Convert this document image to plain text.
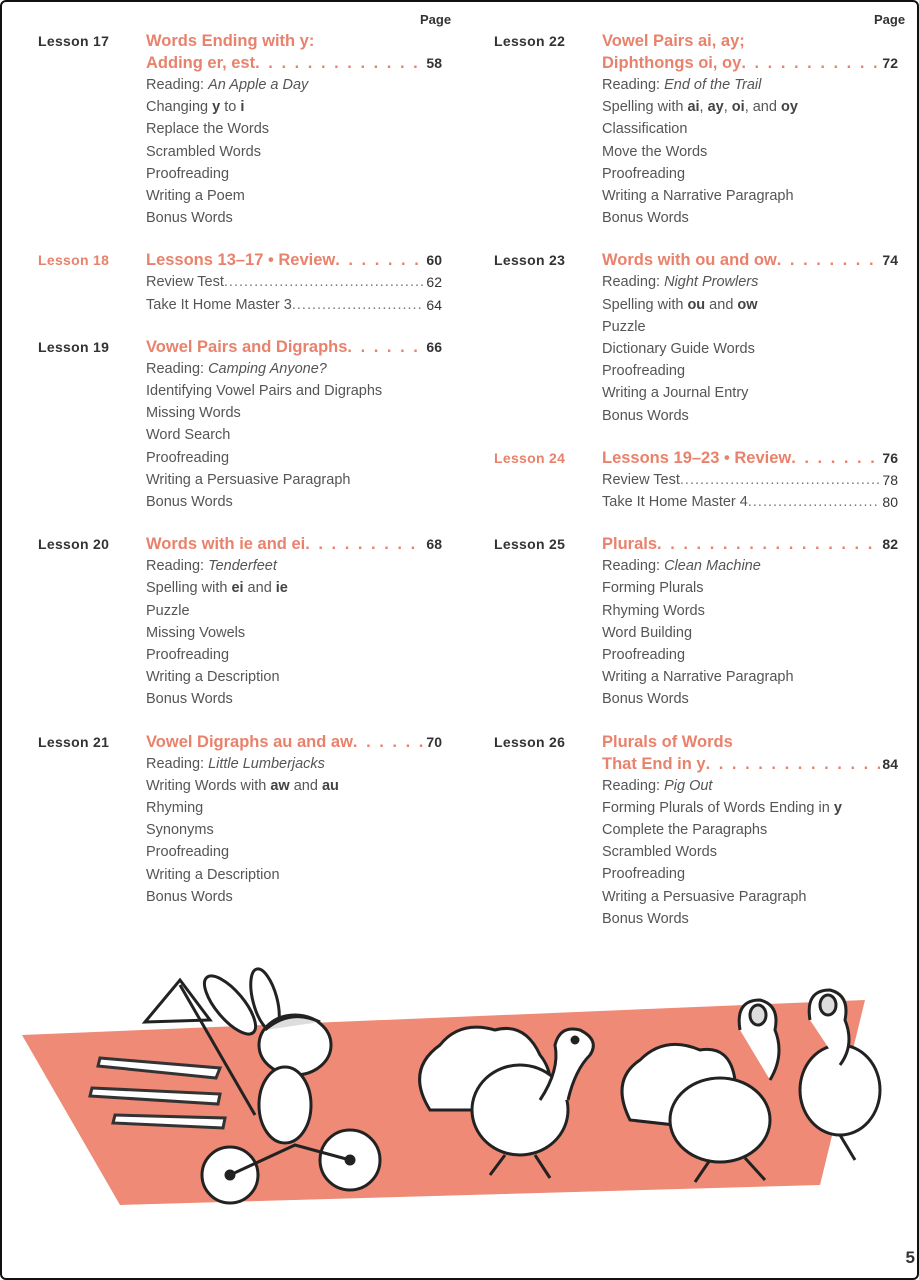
Page	Page
Lesson 17 Words Ending with y:
Adding er, est . . .	58
Reading: An Apple a Day
Changing y to i
Replace the Words
Scrambled Words
Proofreading
Writing a Poem
Bonus Words
Lesson 18 Lessons 13–17 • Review . . .	60
Review Test .....	62
Take It Home Master 3 .....	64
Lesson 19 Vowel Pairs and Digraphs . . .	66
Reading: Camping Anyone?
Identifying Vowel Pairs and Digraphs
Missing Words
Word Search
Proofreading
Writing a Persuasive Paragraph
Bonus Words
Lesson 20 Words with ie and ei . . .	68
Reading: Tenderfeet
Spelling with ei and ie
Puzzle
Missing Vowels
Proofreading
Writing a Description
Bonus Words
Lesson 21 Vowel Digraphs au and aw . . .	70
Reading: Little Lumberjacks
Writing Words with aw and au
Rhyming
Synonyms
Proofreading
Writing a Description
Bonus Words
Lesson 22 Vowel Pairs ai, ay;
Diphthongs oi, oy . . .	72
Reading: End of the Trail
Spelling with ai, ay, oi, and oy
Classification
Move the Words
Proofreading
Writing a Narrative Paragraph
Bonus Words
Lesson 23 Words with ou and ow . . .	74
Reading: Night Prowlers
Spelling with ou and ow
Puzzle
Dictionary Guide Words
Proofreading
Writing a Journal Entry
Bonus Words
Lesson 24 Lessons 19–23 • Review . . .	76
Review Test .....	78
Take It Home Master 4 .....	80
Lesson 25 Plurals . . .	82
Reading: Clean Machine
Forming Plurals
Rhyming Words
Word Building
Proofreading
Writing a Narrative Paragraph
Bonus Words
Lesson 26 Plurals of Words
That End in y . . .	84
Reading: Pig Out
Forming Plurals of Words Ending in y
Complete the Paragraphs
Scrambled Words
Proofreading
Writing a Persuasive Paragraph
Bonus Words
5
